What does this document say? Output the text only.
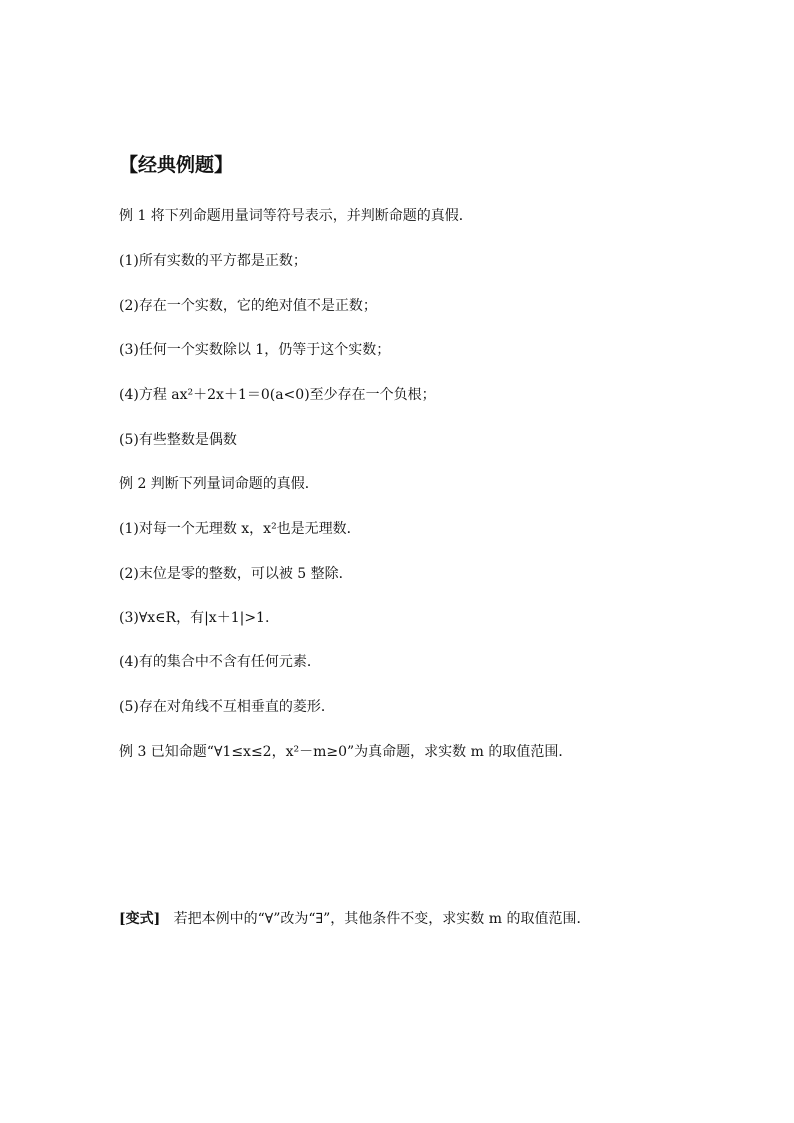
【经典例题】
例 1 将下列命题用量词等符号表示，并判断命题的真假．
(1)所有实数的平方都是正数；
(2)存在一个实数，它的绝对值不是正数；
(3)任何一个实数除以 1，仍等于这个实数；
(4)方程 ax²＋2x＋1＝0(a<0)至少存在一个负根；
(5)有些整数是偶数
例 2 判断下列量词命题的真假．
(1)对每一个无理数 x，x²也是无理数．
(2)末位是零的整数，可以被 5 整除．
(3)∀x∈R，有|x＋1|>1.
(4)有的集合中不含有任何元素．
(5)存在对角线不互相垂直的菱形．
例 3 已知命题“∀1≤x≤2，x²－m≥0”为真命题，求实数 m 的取值范围．
[变式] 若把本例中的“∀”改为“∃”，其他条件不变，求实数 m 的取值范围．
